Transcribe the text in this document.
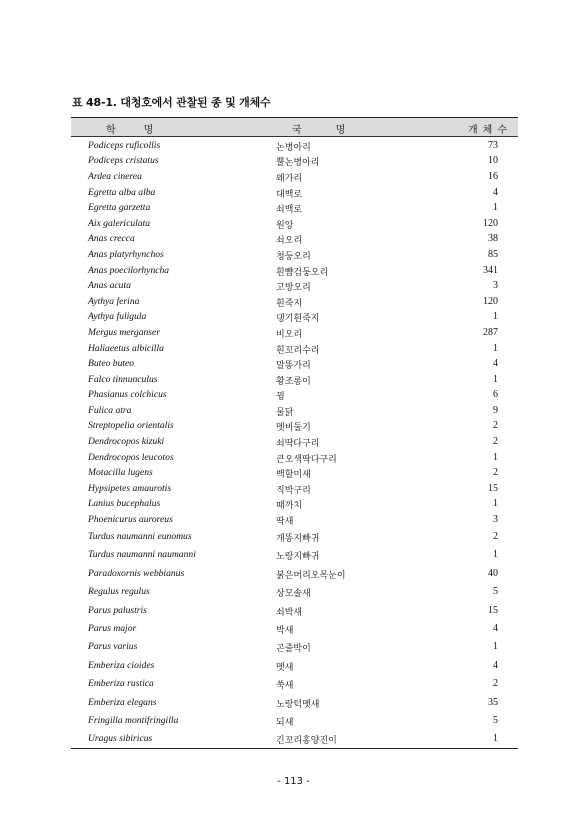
표 48-1. 대청호에서 관찰된 종 및 개체수
학명	국명	개체수
Podiceps ruficollis	논병아리	73
Podiceps cristatus	뿔논병아리	10
Ardea cinerea	왜가리	16
Egretta alba alba	대백로	4
Egretta garzetta	쇠백로	1
Aix galericulata	원앙	120
Anas crecca	쇠오리	38
Anas platyrhynchos	청둥오리	85
Anas poecilorhyncha	흰뺨검둥오리	341
Anas acuta	고방오리	3
Aythya ferina	흰죽지	120
Aythya fuligula	댕기흰죽지	1
Mergus merganser	비오리	287
Haliaeetus albicilla	흰꼬리수리	1
Buteo buteo	말똥가리	4
Falco tinnunculus	황조롱이	1
Phasianus colchicus	꿩	6
Fulica atra	물닭	9
Streptopelia orientalis	멧비둘기	2
Dendrocopos kizuki	쇠딱다구리	2
Dendrocopos leucotos	큰오색딱다구리	1
Motacilla lugens	백할미새	2
Hypsipetes amaurotis	직박구리	15
Lanius bucephalus	때까치	1
Phoenicurus auroreus	딱새	3
Turdus naumanni eunomus	개똥지빠귀	2
Turdus naumanni naumanni	노랑지빠귀	1
Paradoxornis webbianus	붉은머리오목눈이	40
Regulus regulus	상모솔새	5
Parus palustris	쇠박새	15
Parus major	박새	4
Parus varius	곤줄박이	1
Emberiza cioides	멧새	4
Emberiza rustica	쑥새	2
Emberiza elegans	노랑턱멧새	35
Fringilla montifringilla	되새	5
Uragus sibiricus	긴꼬리홍양진이	1
- 113 -
